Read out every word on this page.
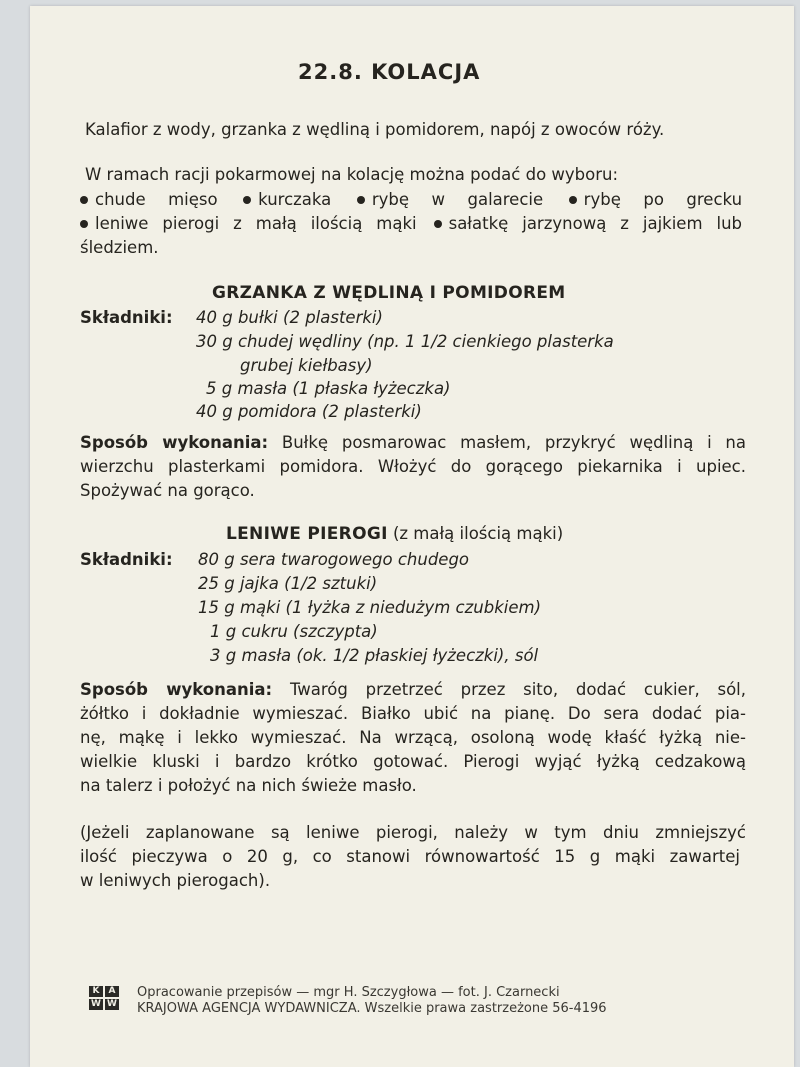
22.8. KOLACJA
Kalafior z wody, grzanka z wędliną i pomidorem, napój z owoców róży.
W ramach racji pokarmowej na kolację można podać do wyboru:
chude mięso kurczaka rybę w galarecie rybę po grecku
leniwe pierogi z małą ilością mąki sałatkę jarzynową z jajkiem lub
śledziem.
GRZANKA Z WĘDLINĄ I POMIDOREM
Składniki: 40 g bułki (2 plasterki)
30 g chudej wędliny (np. 1 1/2 cienkiego plasterka
grubej kiełbasy)
5 g masła (1 płaska łyżeczka)
40 g pomidora (2 plasterki)
Sposób wykonania: Bułkę posmarowac masłem, przykryć wędliną i na
wierzchu plasterkami pomidora. Włożyć do gorącego piekarnika i upiec.
Spożywać na gorąco.
LENIWE PIEROGI (z małą ilością mąki)
Składniki: 80 g sera twarogowego chudego
25 g jajka (1/2 sztuki)
15 g mąki (1 łyżka z niedużym czubkiem)
1 g cukru (szczypta)
3 g masła (ok. 1/2 płaskiej łyżeczki), sól
Sposób wykonania: Twaróg przetrzeć przez sito, dodać cukier, sól,
żółtko i dokładnie wymieszać. Białko ubić na pianę. Do sera dodać pia-
nę, mąkę i lekko wymieszać. Na wrzącą, osoloną wodę kłaść łyżką nie-
wielkie kluski i bardzo krótko gotować. Pierogi wyjąć łyżką cedzakową
na talerz i położyć na nich świeże masło.
(Jeżeli zaplanowane są leniwe pierogi, należy w tym dniu zmniejszyć
ilość pieczywa o 20 g, co stanowi równowartość 15 g mąki zawartej
w leniwych pierogach).
K	A
W W
Opracowanie przepisów — mgr H. Szczygłowa — fot. J. Czarnecki
KRAJOWA AGENCJA WYDAWNICZA. Wszelkie prawa zastrzeżone 56-4196
